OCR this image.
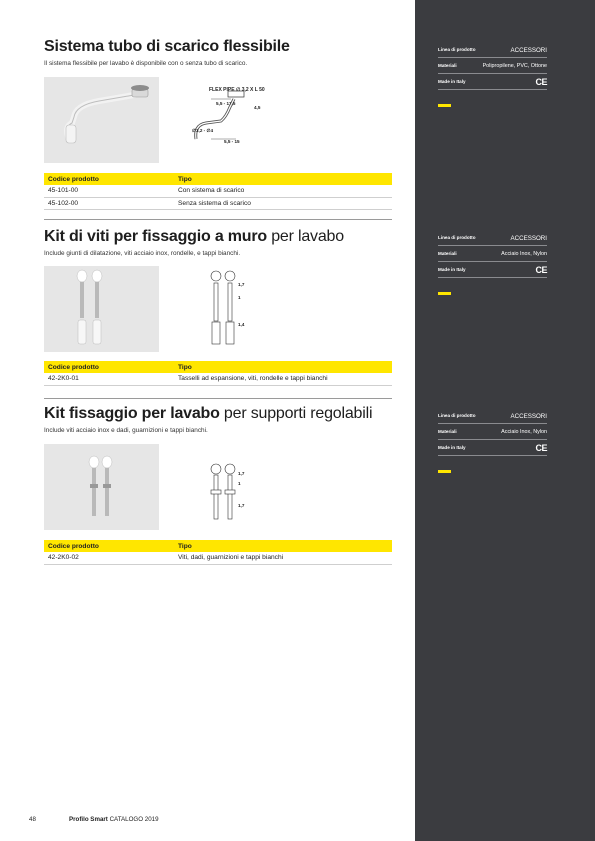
Sistema tubo di scarico flessibile
Il sistema flessibile per lavabo è disponibile con o senza tubo di scarico.
FLEX PIPE ∅ 3,2 X L 50
5,5 - 17,5
4,5
∅3,2 - ∅4
5,5 - 15
Codice prodotto	Tipo
45-101-00	Con sistema di scarico
45-102-00	Senza sistema di scarico
Kit di viti per fissaggio a muro per lavabo
Include giunti di dilatazione, viti acciaio inox, rondelle, e tappi bianchi.
1,7
1
1,4
Codice prodotto	Tipo
42-2K0-01	Tasselli ad espansione, viti, rondelle e tappi bianchi
Kit fissaggio per lavabo per supporti regolabili
Include viti acciaio inox e dadi, guarnizioni e tappi bianchi.
1,7
1
1,7
Codice prodotto	Tipo
42-2K0-02	Viti, dadi, guarnizioni e tappi bianchi
Linea di prodotto	ACCESSORI
Materiali	Polipropilene, PVC, Ottone
Made in Italy	CE
Linea di prodotto	ACCESSORI
Materiali	Acciaio Inox, Nylon
Made in Italy	CE
Linea di prodotto	ACCESSORI
Materiali	Acciaio Inox, Nylon
Made in Italy	CE
48	Profilo Smart CATALOGO 2019
